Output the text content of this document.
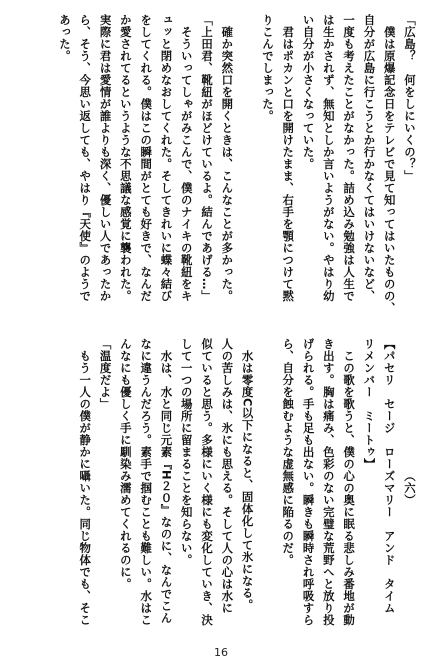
「広島？　何をしにいくの？」
　僕は原爆記念日をテレビで見て知ってはいたものの、
自分が広島に行こうとか行かなくてはいけないなど、
一度も考えたことがなかった。詰め込み勉強は人生で
は生かされず、無知としか言いようがない。やはり幼
い自分が小さくなっていた。
　君はポカンと口を開けたまま、右手を顎につけて黙
りこんでしまった。
　確か突然口を開くときは、こんなことが多かった。
「上田君、靴紐がほどけているよ。結んであげる…」
　そういってしゃがみこんで、僕のナイキの靴紐をキ
ュッと閉めなおしてくれた。そしてきれいに蝶々結び
をしてくれる。僕はこの瞬間がとても好きで、なんだ
か愛されてるというような不思議な感覚に襲われた。
実際に君は愛情が誰よりも深く、優しい人であったか
ら、そう、今思い返しても、やはり『天使』のようで
あった。
（六）
【パセリ　セージ　ローズマリー　アンド　タイム
リメンバー　ミートゥ】
　この歌を歌うと、僕の心の奥に眠る悲しみ番地が動
き出す。胸は痛み、色彩のない完璧な荒野へと放り投
げられる。手も足も出ない。瞬きも瞬時され呼吸すら
ら、自分を蝕むような虚無感に陥るのだ。
　水は零度C以下になると、固体化して氷になる。
人の苦しみは、氷にも思える。そして人の心は水に
似ていると思う。多様にいく様にも変化していき、決
して一つの場所に留まることを知らない。
　水は、水と同じ元素『H２０』なのに、なんでこん
なに違うんだろう。素手で掴むことも難しい。水はこ
んなにも優しく手に馴染み濡めてくれるのに。
「温度だよ」
　もう一人の僕が静かに囁いた。同じ物体でも、そこ
16
